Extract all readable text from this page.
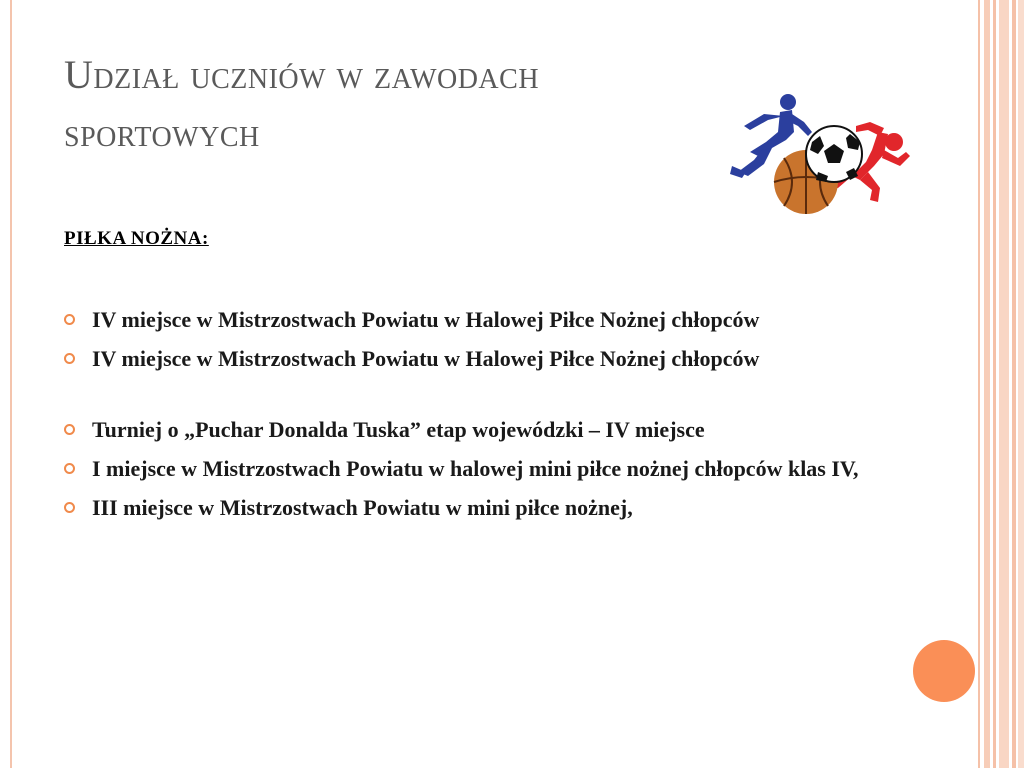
Udział uczniów w zawodach
sportowych
PIŁKA NOŻNA:
IV miejsce w Mistrzostwach Powiatu w Halowej Piłce Nożnej chłopców
IV miejsce w Mistrzostwach Powiatu w Halowej Piłce Nożnej chłopców
Turniej o „Puchar Donalda Tuska” etap wojewódzki – IV miejsce
I miejsce w Mistrzostwach Powiatu w halowej mini piłce nożnej chłopców klas IV,
III miejsce w Mistrzostwach Powiatu w mini piłce nożnej,
